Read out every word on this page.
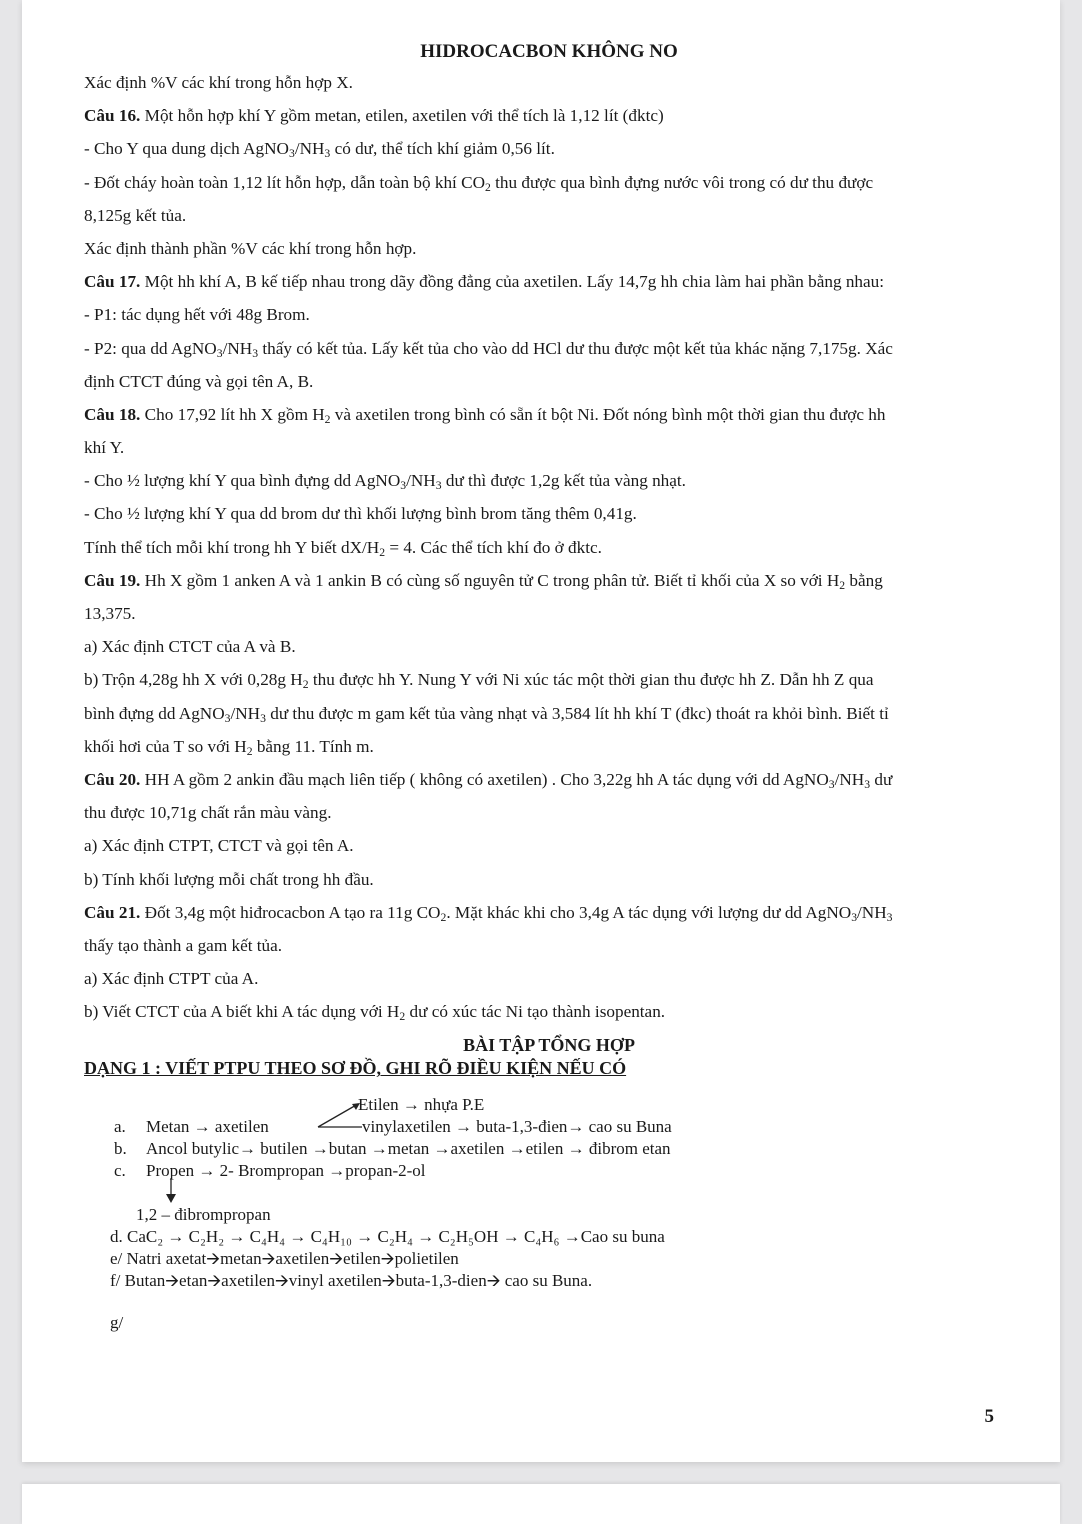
HIDROCACBON KHÔNG NO
Xác định %V các khí trong hỗn hợp X.
Câu 16. Một hỗn hợp khí Y gồm metan, etilen, axetilen với thể tích là 1,12 lít (đktc)
- Cho Y qua dung dịch $AgNO_3/NH_3$ có dư, thể tích khí giảm 0,56 lít.
- Đốt cháy hoàn toàn 1,12 lít hỗn hợp, dẫn toàn bộ khí $CO_2$ thu được qua bình đựng nước vôi trong có dư thu được
8,125g kết tủa.
Xác định thành phần %V các khí trong hỗn hợp.
Câu 17. Một hh khí A, B kế tiếp nhau trong dãy đồng đẳng của axetilen. Lấy 14,7g hh chia làm hai phần bằng nhau:
- P1: tác dụng hết với 48g Brom.
- P2: qua dd $AgNO_3/NH_3$ thấy có kết tủa. Lấy kết tủa cho vào dd HCl dư thu được một kết tủa khác nặng 7,175g. Xác
định CTCT đúng và gọi tên A, B.
Câu 18. Cho 17,92 lít hh X gồm $H_2$ và axetilen trong bình có sẵn ít bột Ni. Đốt nóng bình một thời gian thu được hh
khí Y.
- Cho ½ lượng khí Y qua bình đựng dd $AgNO_3/NH_3$ dư thì được 1,2g kết tủa vàng nhạt.
- Cho ½ lượng khí Y qua dd brom dư thì khối lượng bình brom tăng thêm 0,41g.
Tính thể tích mỗi khí trong hh Y biết $dX/H_2 = 4$. Các thể tích khí đo ở đktc.
Câu 19. Hh X gồm 1 anken A và 1 ankin B có cùng số nguyên tử C trong phân tử. Biết tỉ khối của X so với $H_2$ bằng
13,375.
a) Xác định CTCT của A và B.
b) Trộn 4,28g hh X với 0,28g $H_2$ thu được hh Y. Nung Y với Ni xúc tác một thời gian thu được hh Z. Dẫn hh Z qua
bình đựng dd $AgNO_3/NH_3$ dư thu được m gam kết tủa vàng nhạt và 3,584 lít hh khí T (đkc) thoát ra khỏi bình. Biết tỉ
khối hơi của T so với $H_2$ bằng 11. Tính m.
Câu 20. HH A gồm 2 ankin đầu mạch liên tiếp ( không có axetilen) . Cho 3,22g hh A tác dụng với dd $AgNO_3/NH_3$ dư
thu được 10,71g chất rắn màu vàng.
a) Xác định CTPT, CTCT và gọi tên A.
b) Tính khối lượng mỗi chất trong hh đầu.
Câu 21. Đốt 3,4g một hiđrocacbon A tạo ra 11g $CO_2$. Mặt khác khi cho 3,4g A tác dụng với lượng dư dd $AgNO_3/NH_3$
thấy tạo thành a gam kết tủa.
a) Xác định CTPT của A.
b) Viết CTCT của A biết khi A tác dụng với $H_2$ dư có xúc tác Ni tạo thành isopentan.
BÀI TẬP TỔNG HỢP
DẠNG 1 : VIẾT PTPU THEO SƠ ĐỒ, GHI RÕ ĐIỀU KIỆN NẾU CÓ
Etilen → nhựa P.E
a. Metan → axetilen	vinylaxetilen → buta-1,3-đien→ cao su Buna
b. Ancol butylic→ butilen →butan →metan →axetilen →etilen → đibrom etan
c. Propen → 2- Brompropan →propan-2-ol
1,2 – đibrompropan
d. CaC₂ → C₂H₂ → C₄H₄ → C₄H₁₀ → C₂H₄ → C₂H₅OH → C₄H₆ →Cao su buna
e/ Natri axetat🡪metan🡪axetilen🡪etilen🡪polietilen
f/ Butan🡪etan🡪axetilen🡪vinyl axetilen🡪buta-1,3-dien🡪 cao su Buna.
g/
5
